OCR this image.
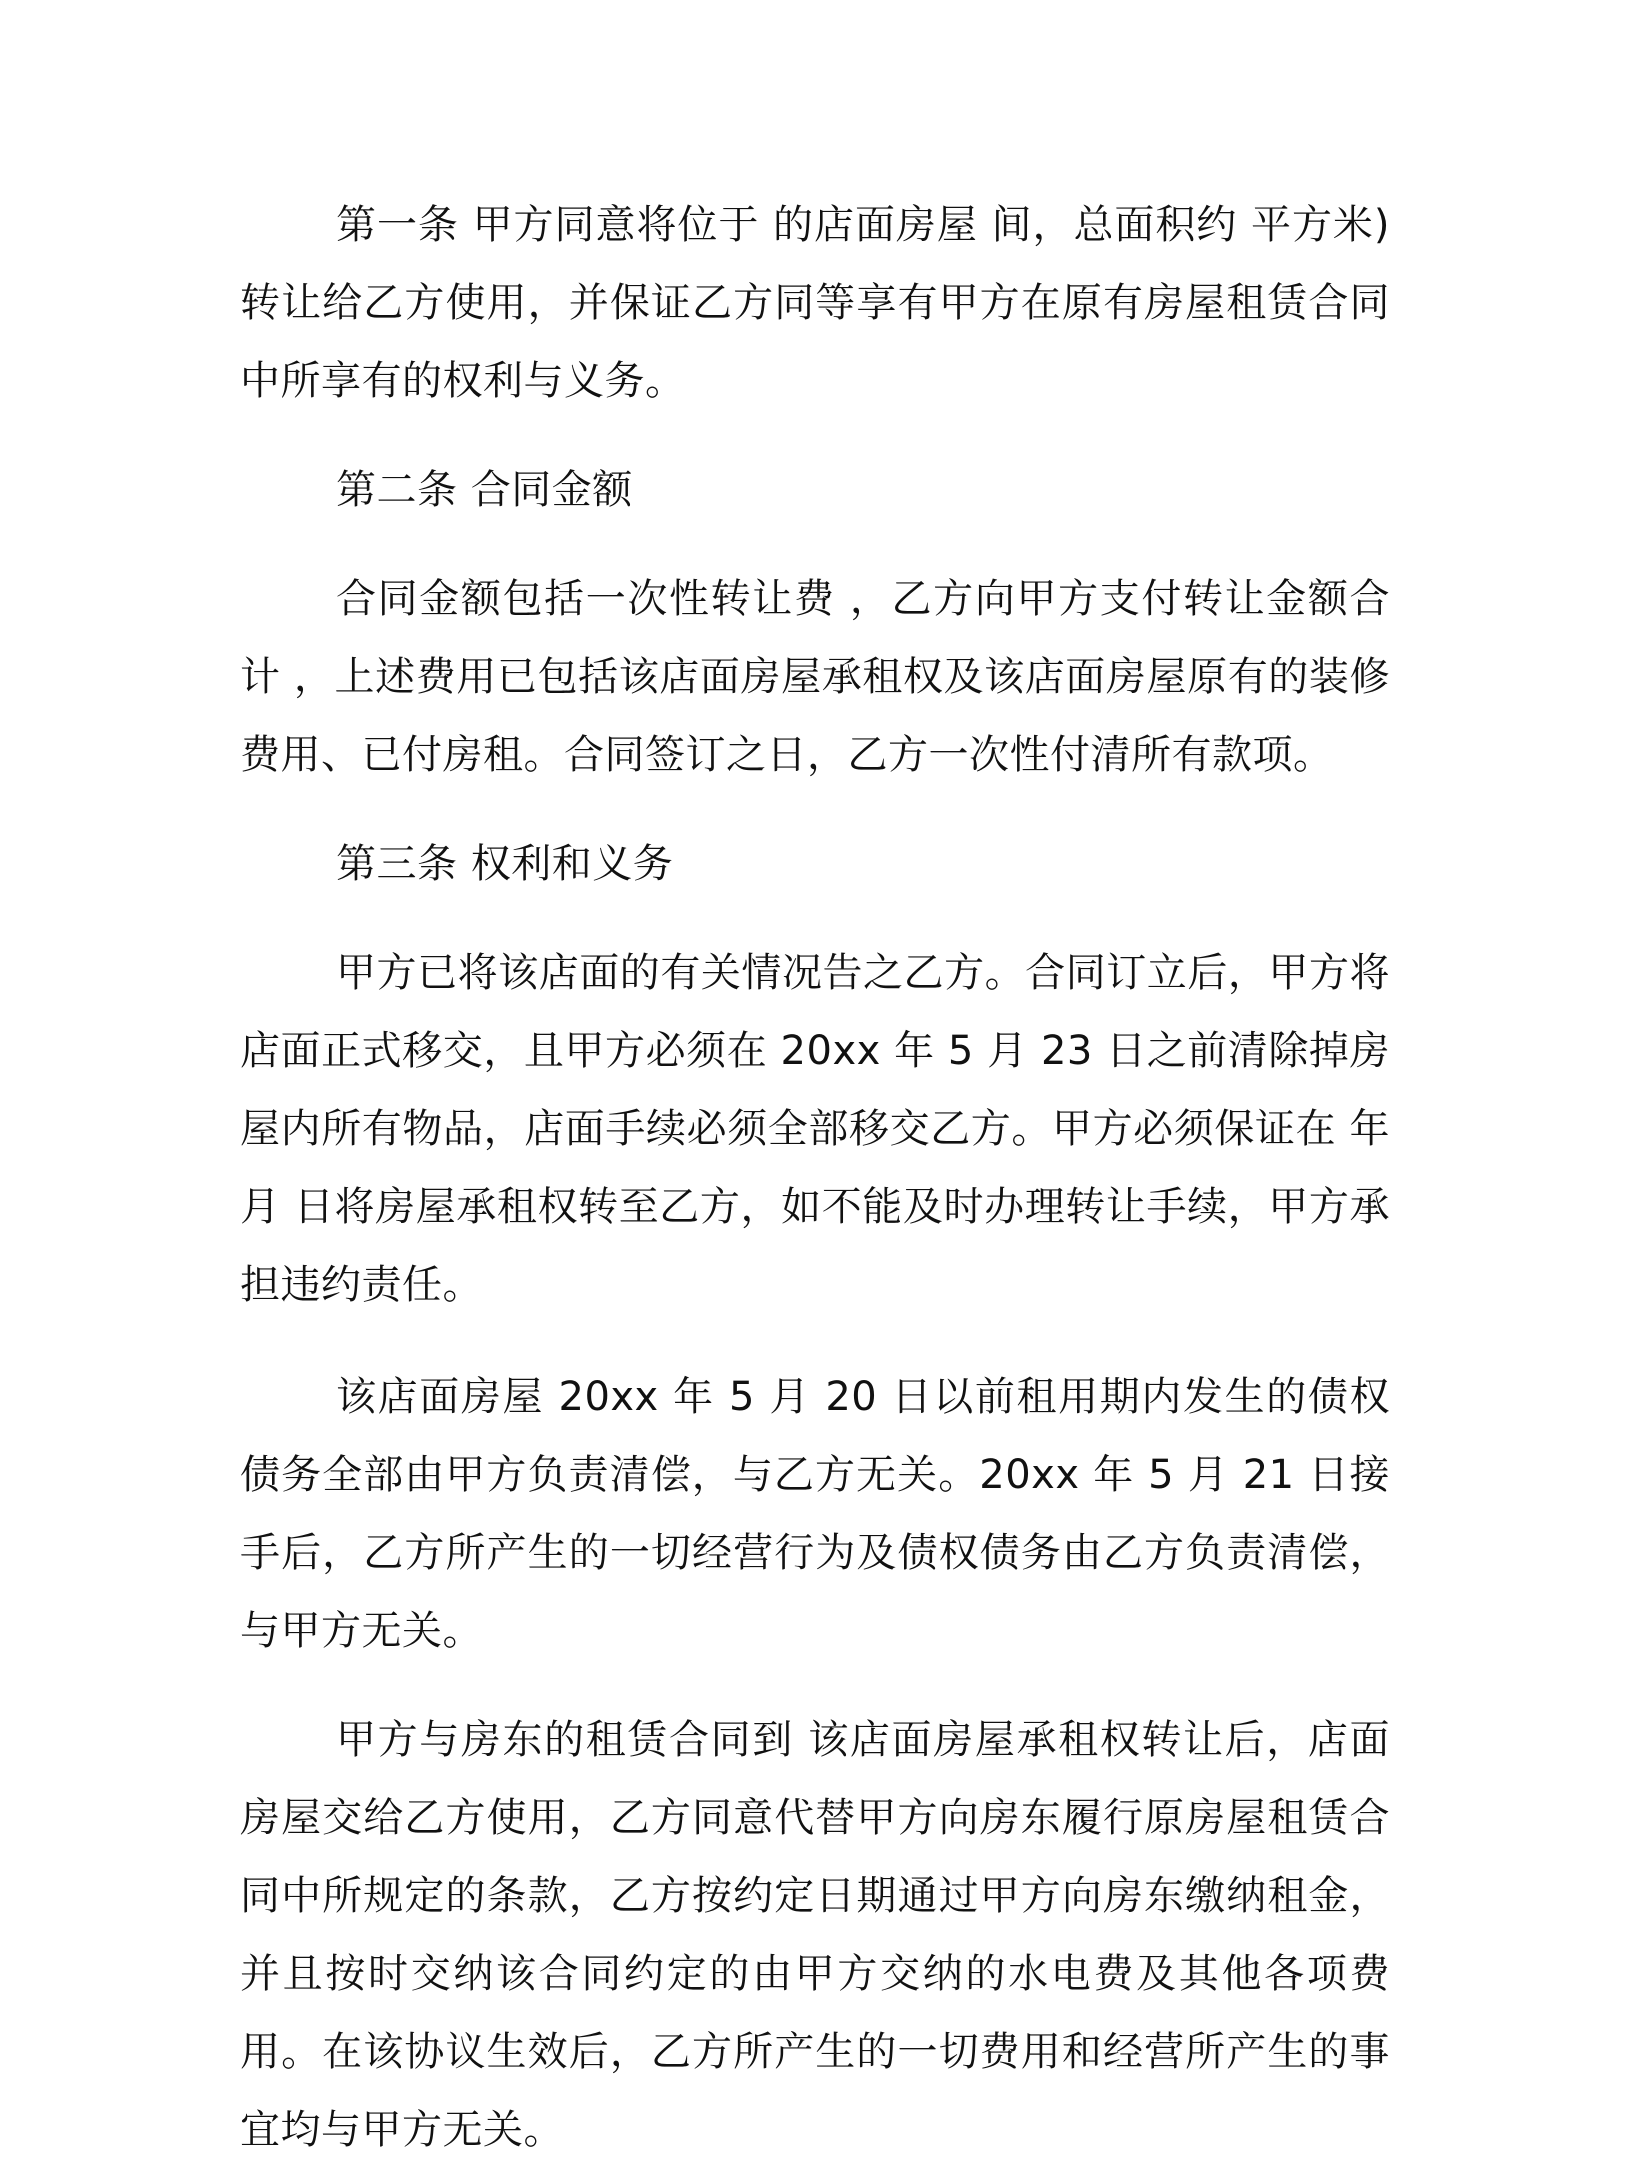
第一条 甲方同意将位于 的店面房屋 间，总面积约 平方米)转让给乙方使用，并保证乙方同等享有甲方在原有房屋租赁合同中所享有的权利与义务。

第二条 合同金额

合同金额包括一次性转让费 ，乙方向甲方支付转让金额合计 ，上述费用已包括该店面房屋承租权及该店面房屋原有的装修费用、已付房租。合同签订之日，乙方一次性付清所有款项。

第三条 权利和义务

甲方已将该店面的有关情况告之乙方。合同订立后，甲方将店面正式移交，且甲方必须在 20xx 年 5 月 23 日之前清除掉房屋内所有物品，店面手续必须全部移交乙方。甲方必须保证在 年 月 日将房屋承租权转至乙方，如不能及时办理转让手续，甲方承担违约责任。

该店面房屋 20xx 年 5 月 20 日以前租用期内发生的债权债务全部由甲方负责清偿，与乙方无关。20xx 年 5 月 21 日接手后，乙方所产生的一切经营行为及债权债务由乙方负责清偿，与甲方无关。

甲方与房东的租赁合同到 该店面房屋承租权转让后，店面房屋交给乙方使用，乙方同意代替甲方向房东履行原房屋租赁合同中所规定的条款，乙方按约定日期通过甲方向房东缴纳租金，并且按时交纳该合同约定的由甲方交纳的水电费及其他各项费用。在该协议生效后，乙方所产生的一切费用和经营所产生的事宜均与甲方无关。
